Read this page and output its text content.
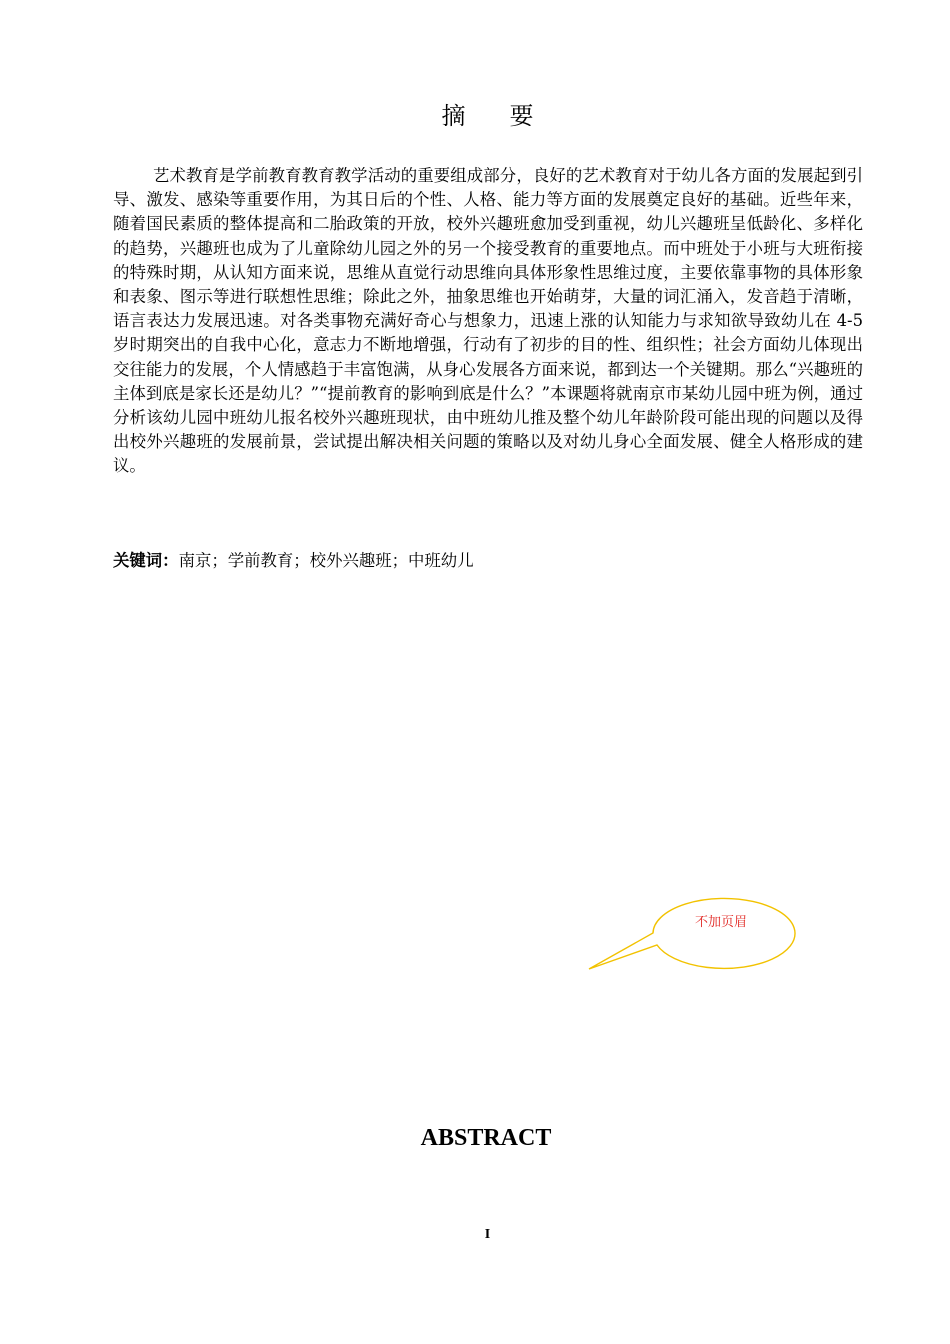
摘 要

艺术教育是学前教育教育教学活动的重要组成部分，良好的艺术教育对于幼儿各方面的发展起到引导、激发、感染等重要作用，为其日后的个性、人格、能力等方面的发展奠定良好的基础。近些年来，随着国民素质的整体提高和二胎政策的开放，校外兴趣班愈加受到重视，幼儿兴趣班呈低龄化、多样化的趋势，兴趣班也成为了儿童除幼儿园之外的另一个接受教育的重要地点。而中班处于小班与大班衔接的特殊时期，从认知方面来说，思维从直觉行动思维向具体形象性思维过度，主要依靠事物的具体形象和表象、图示等进行联想性思维；除此之外，抽象思维也开始萌芽，大量的词汇涌入，发音趋于清晰，语言表达力发展迅速。对各类事物充满好奇心与想象力，迅速上涨的认知能力与求知欲导致幼儿在 4-5 岁时期突出的自我中心化，意志力不断地增强，行动有了初步的目的性、组织性；社会方面幼儿体现出交往能力的发展，个人情感趋于丰富饱满，从身心发展各方面来说，都到达一个关键期。那么“兴趣班的主体到底是家长还是幼儿？”“提前教育的影响到底是什么？”本课题将就南京市某幼儿园中班为例，通过分析该幼儿园中班幼儿报名校外兴趣班现状，由中班幼儿推及整个幼儿年龄阶段可能出现的问题以及得出校外兴趣班的发展前景，尝试提出解决相关问题的策略以及对幼儿身心全面发展、健全人格形成的建议。

关键词：南京；学前教育；校外兴趣班；中班幼儿

不加页眉
ABSTRACT
I
